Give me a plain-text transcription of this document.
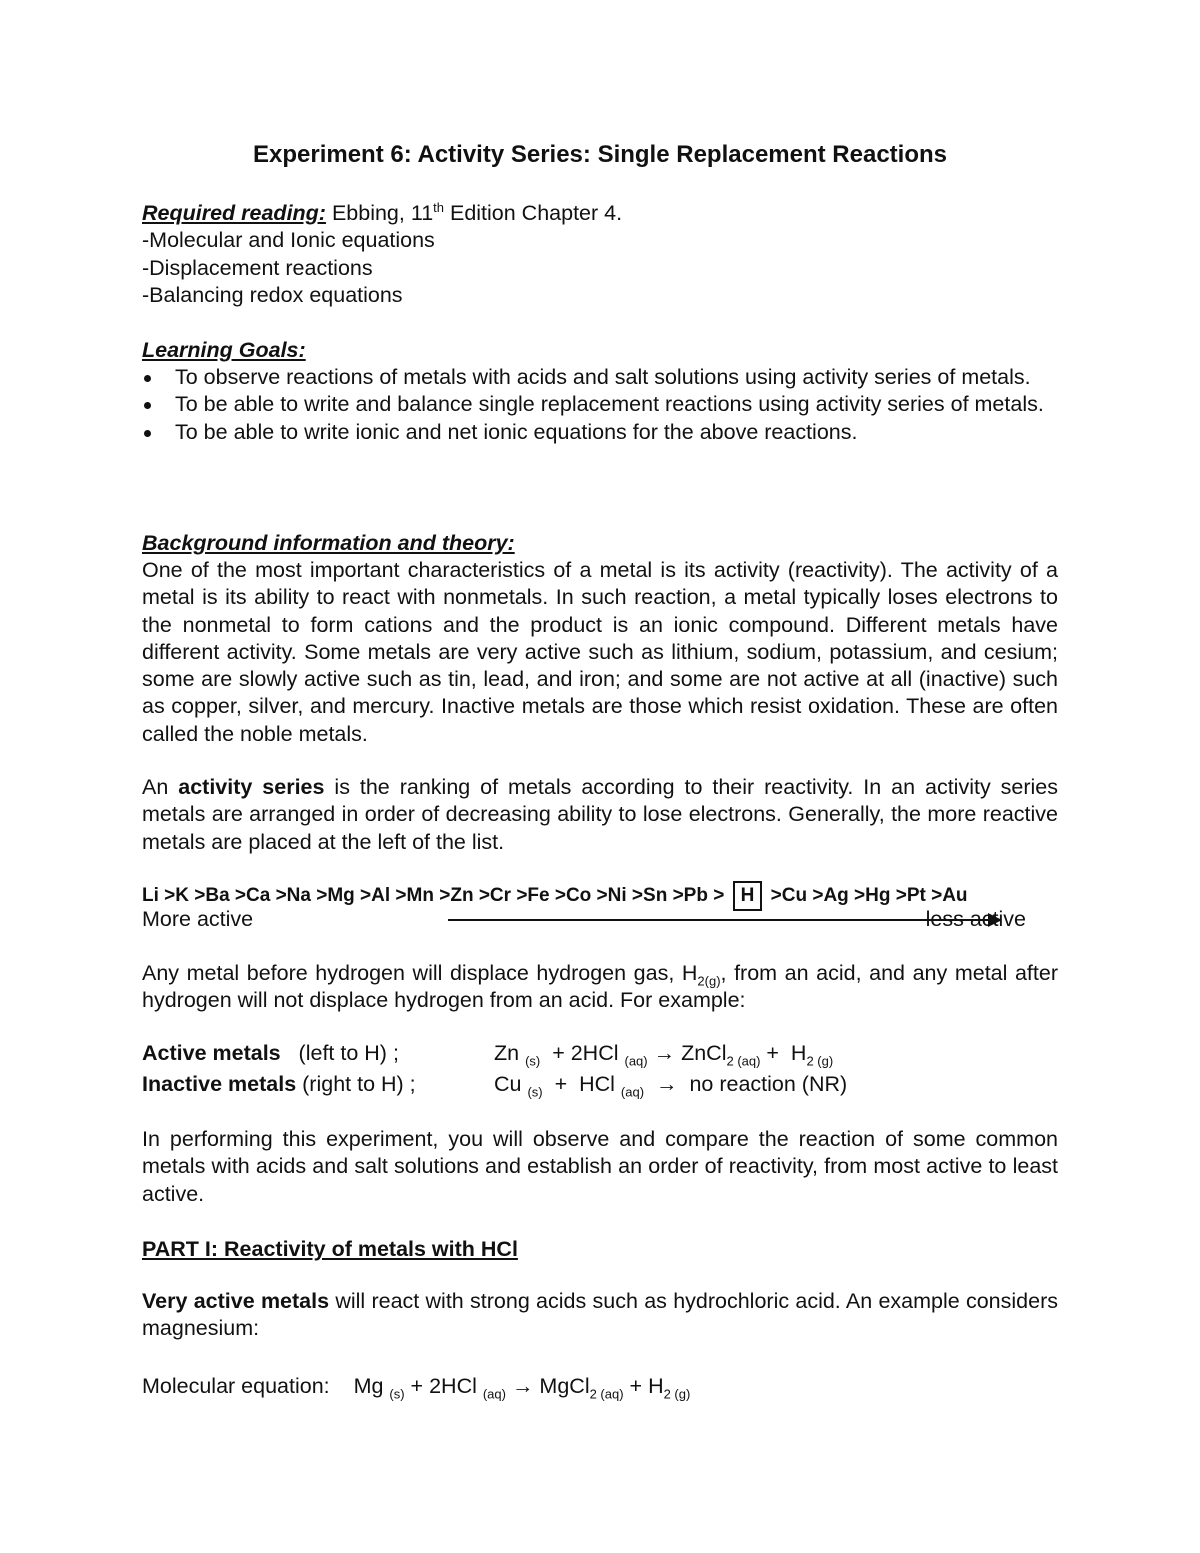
Experiment 6: Activity Series: Single Replacement Reactions
Required reading: Ebbing, 11th Edition Chapter 4.
-Molecular and Ionic equations
-Displacement reactions
-Balancing redox equations
Learning Goals:
To observe reactions of metals with acids and salt solutions using activity series of metals.
To be able to write and balance single replacement reactions using activity series of metals.
To be able to write ionic and net ionic equations for the above reactions.
Background information and theory:

One of the most important characteristics of a metal is its activity (reactivity). The activity of a metal is its ability to react with nonmetals. In such reaction, a metal typically loses electrons to the nonmetal to form cations and the product is an ionic compound. Different metals have different activity. Some metals are very active such as lithium, sodium, potassium, and cesium; some are slowly active such as tin, lead, and iron; and some are not active at all (inactive) such as copper, silver, and mercury. Inactive metals are those which resist oxidation. These are often called the noble metals.

An activity series is the ranking of metals according to their reactivity. In an activity series metals are arranged in order of decreasing ability to lose electrons. Generally, the more reactive metals are placed at the left of the list.

Li >K >Ba >Ca >Na >Mg >Al >Mn >Zn >Cr >Fe >Co >Ni >Sn >Pb > H >Cu >Ag >Hg >Pt >Au
More active	less active

Any metal before hydrogen will displace hydrogen gas, $H_{2(g)}$, from an acid, and any metal after hydrogen will not displace hydrogen from an acid. For example:

Active metals   (left to H) ;	Zn $_{(s)}$  + 2HCl $_{(aq)}$ → ZnCl$_{2 (aq)}$ +  $H_{2 (g)}$
Inactive metals (right to H) ;	Cu $_{(s)}$  +  HCl $_{(aq)}$  →  no reaction (NR)

In performing this experiment, you will observe and compare the reaction of some common metals with acids and salt solutions and establish an order of reactivity, from most active to least active.

PART I: Reactivity of metals with HCl

Very active metals will react with strong acids such as hydrochloric acid. An example considers magnesium:

Molecular equation: Mg $_{(s)}$ + 2HCl $_{(aq)}$ → MgCl$_{2 (aq)}$ + $H_{2 (g)}$
